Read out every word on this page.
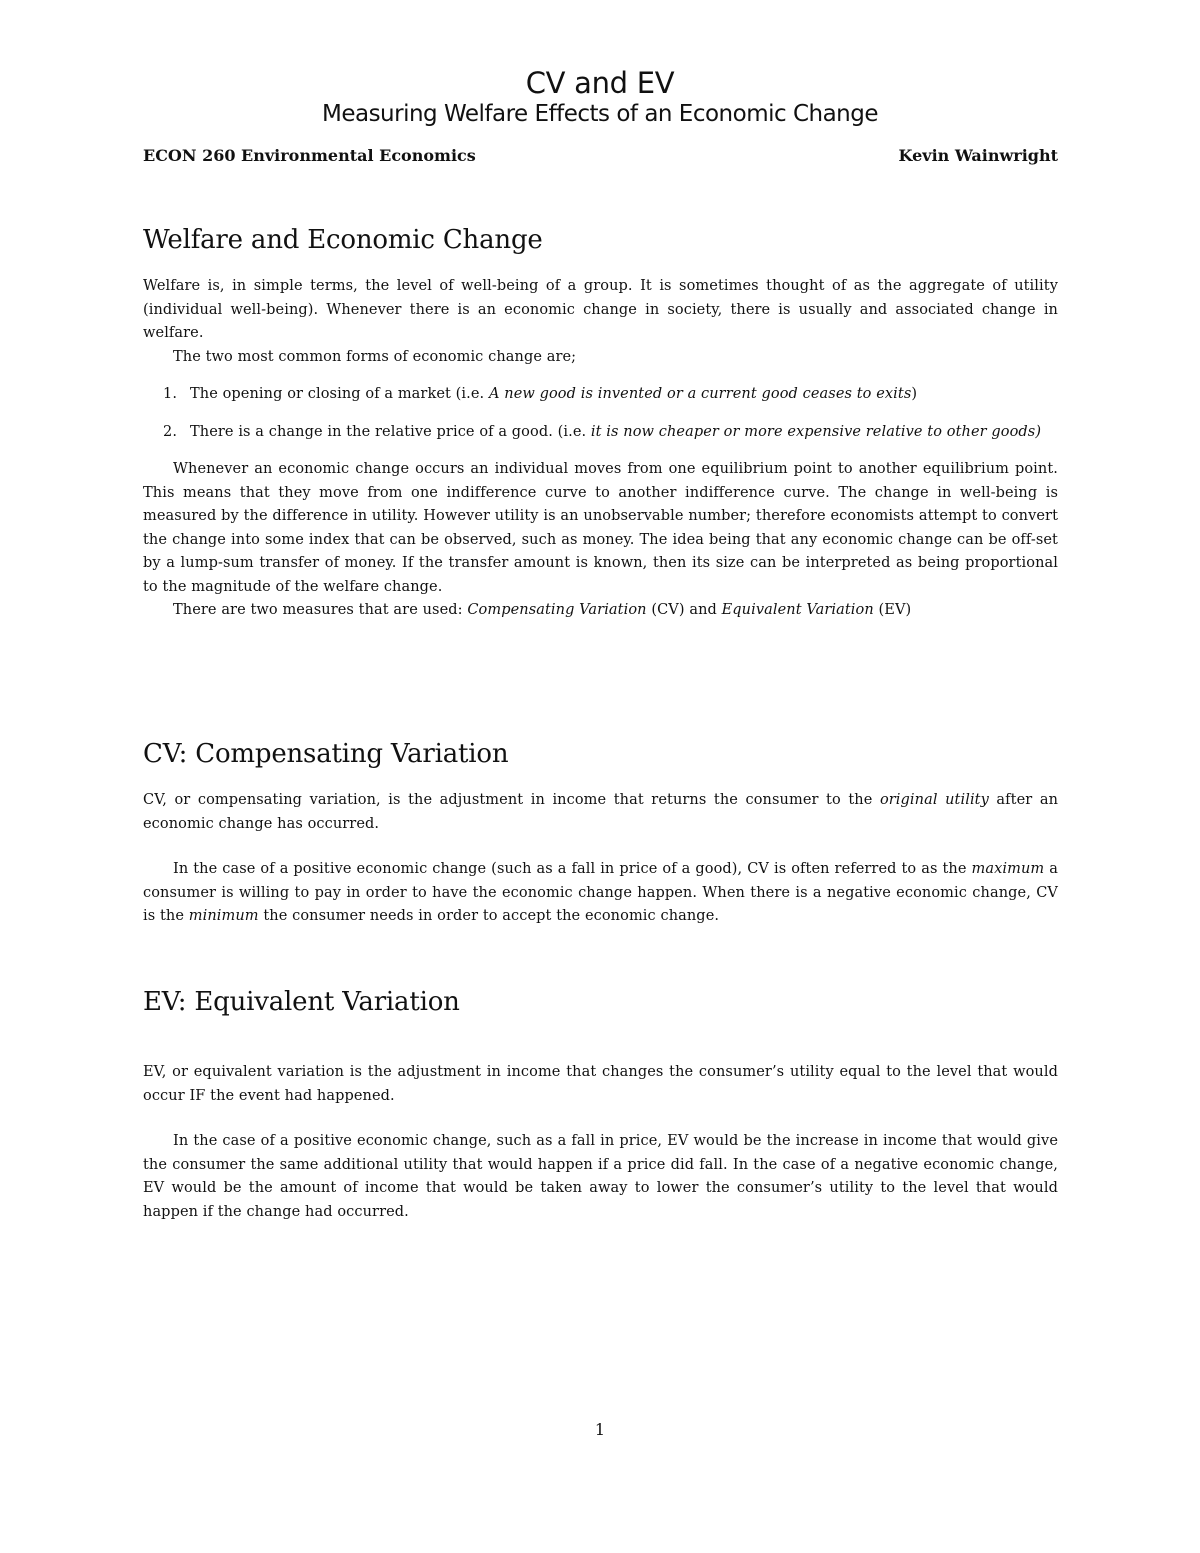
CV and EV
Measuring Welfare Effects of an Economic Change
ECON 260 Environmental Economics	Kevin Wainwright
Welfare and Economic Change

Welfare is, in simple terms, the level of well-being of a group. It is sometimes thought of as the aggregate of utility (individual well-being). Whenever there is an economic change in society, there is usually and associated change in welfare.

The two most common forms of economic change are;

1. The opening or closing of a market (i.e. A new good is invented or a current good ceases to exits)
2. There is a change in the relative price of a good. (i.e. it is now cheaper or more expensive relative to other goods)

Whenever an economic change occurs an individual moves from one equilibrium point to another equilibrium point. This means that they move from one indifference curve to another indifference curve. The change in well-being is measured by the difference in utility. However utility is an unobservable number; therefore economists attempt to convert the change into some index that can be observed, such as money. The idea being that any economic change can be off-set by a lump-sum transfer of money. If the transfer amount is known, then its size can be interpreted as being proportional to the magnitude of the welfare change.

There are two measures that are used: Compensating Variation (CV) and Equivalent Variation (EV)

CV: Compensating Variation

CV, or compensating variation, is the adjustment in income that returns the consumer to the original utility after an economic change has occurred.

In the case of a positive economic change (such as a fall in price of a good), CV is often referred to as the maximum a consumer is willing to pay in order to have the economic change happen. When there is a negative economic change, CV is the minimum the consumer needs in order to accept the economic change.

EV: Equivalent Variation

EV, or equivalent variation is the adjustment in income that changes the consumer’s utility equal to the level that would occur IF the event had happened.

In the case of a positive economic change, such as a fall in price, EV would be the increase in income that would give the consumer the same additional utility that would happen if a price did fall. In the case of a negative economic change, EV would be the amount of income that would be taken away to lower the consumer’s utility to the level that would happen if the change had occurred.

1
